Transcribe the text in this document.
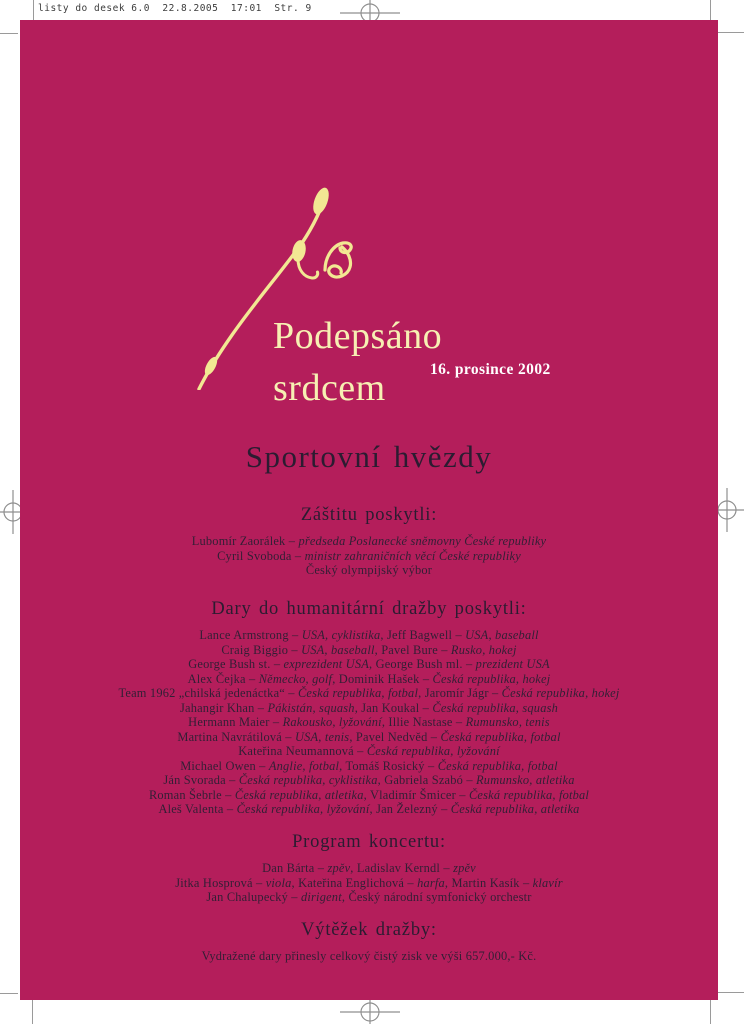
listy do desek 6.0  22.8.2005  17:01  Str. 9
Podepsáno
srdcem	16. prosince 2002
Sportovní hvězdy
Záštitu poskytli:
Lubomír Zaorálek – předseda Poslanecké sněmovny České republiky
Cyril Svoboda – ministr zahraničních věcí České republiky
Český olympijský výbor
Dary do humanitární dražby poskytli:
Lance Armstrong – USA, cyklistika, Jeff Bagwell – USA, baseball
Craig Biggio – USA, baseball, Pavel Bure – Rusko, hokej
George Bush st. – exprezident USA, George Bush ml. – prezident USA
Alex Čejka – Německo, golf, Dominik Hašek – Česká republika, hokej
Team 1962 „chilská jedenáctka“ – Česká republika, fotbal, Jaromír Jágr – Česká republika, hokej
Jahangir Khan – Pákistán, squash, Jan Koukal – Česká republika, squash
Hermann Maier – Rakousko, lyžování, Illie Nastase – Rumunsko, tenis
Martina Navrátilová – USA, tenis, Pavel Nedvěd – Česká republika, fotbal
Kateřina Neumannová – Česká republika, lyžování
Michael Owen – Anglie, fotbal, Tomáš Rosický – Česká republika, fotbal
Ján Svorada – Česká republika, cyklistika, Gabriela Szabó – Rumunsko, atletika
Roman Šebrle – Česká republika, atletika, Vladimír Šmicer – Česká republika, fotbal
Aleš Valenta – Česká republika, lyžování, Jan Železný – Česká republika, atletika
Program koncertu:
Dan Bárta – zpěv, Ladislav Kerndl – zpěv
Jitka Hosprová – viola, Kateřina Englichová – harfa, Martin Kasík – klavír
Jan Chalupecký – dirigent, Český národní symfonický orchestr
Výtěžek dražby:
Vydražené dary přinesly celkový čistý zisk ve výši 657.000,- Kč.
